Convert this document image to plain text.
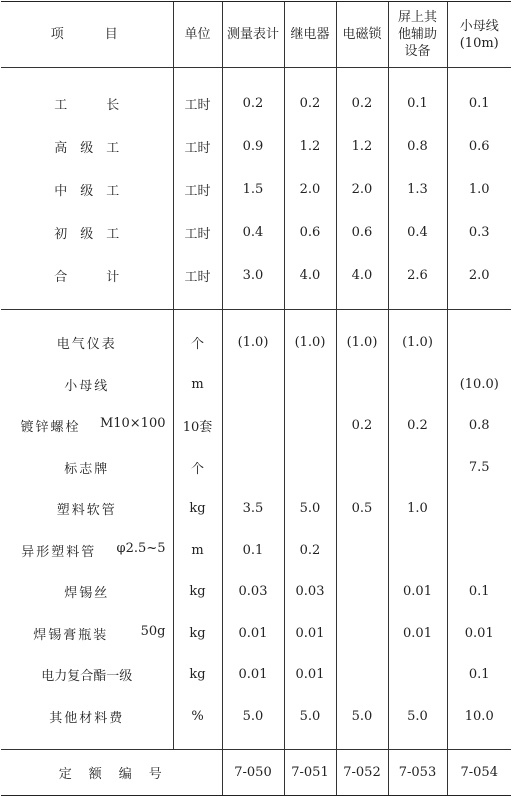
项　　目	单位	测量表计	继电器	电磁锁	屏上其他辅助设备	小母线(10m)

工　　　长	工时	0.2	0.2	0.2	0.1	0.1
高　级　工	工时	0.9	1.2	1.2	0.8	0.6
中　级　工	工时	1.5	2.0	2.0	1.3	1.0
初　级　工	工时	0.4	0.6	0.6	0.4	0.3
合　　　计	工时	3.0	4.0	4.0	2.6	2.0

电气仪表	个	(1.0)	(1.0)	(1.0)	(1.0)	
小母线	m					(10.0)
镀锌螺栓 M10×100	10套			0.2	0.2	0.8
标志牌	个					7.5
塑料软管	kg	3.5	5.0	0.5	1.0	
异形塑料管 φ2.5~5	m	0.1	0.2			
焊锡丝	kg	0.03	0.03		0.01	0.1
焊锡膏瓶装 50g	kg	0.01	0.01		0.01	0.01
电力复合酯一级	kg	0.01	0.01			0.1
其他材料费	%	5.0	5.0	5.0	5.0	10.0

定　额　编　号		7-050	7-051	7-052	7-053	7-054
